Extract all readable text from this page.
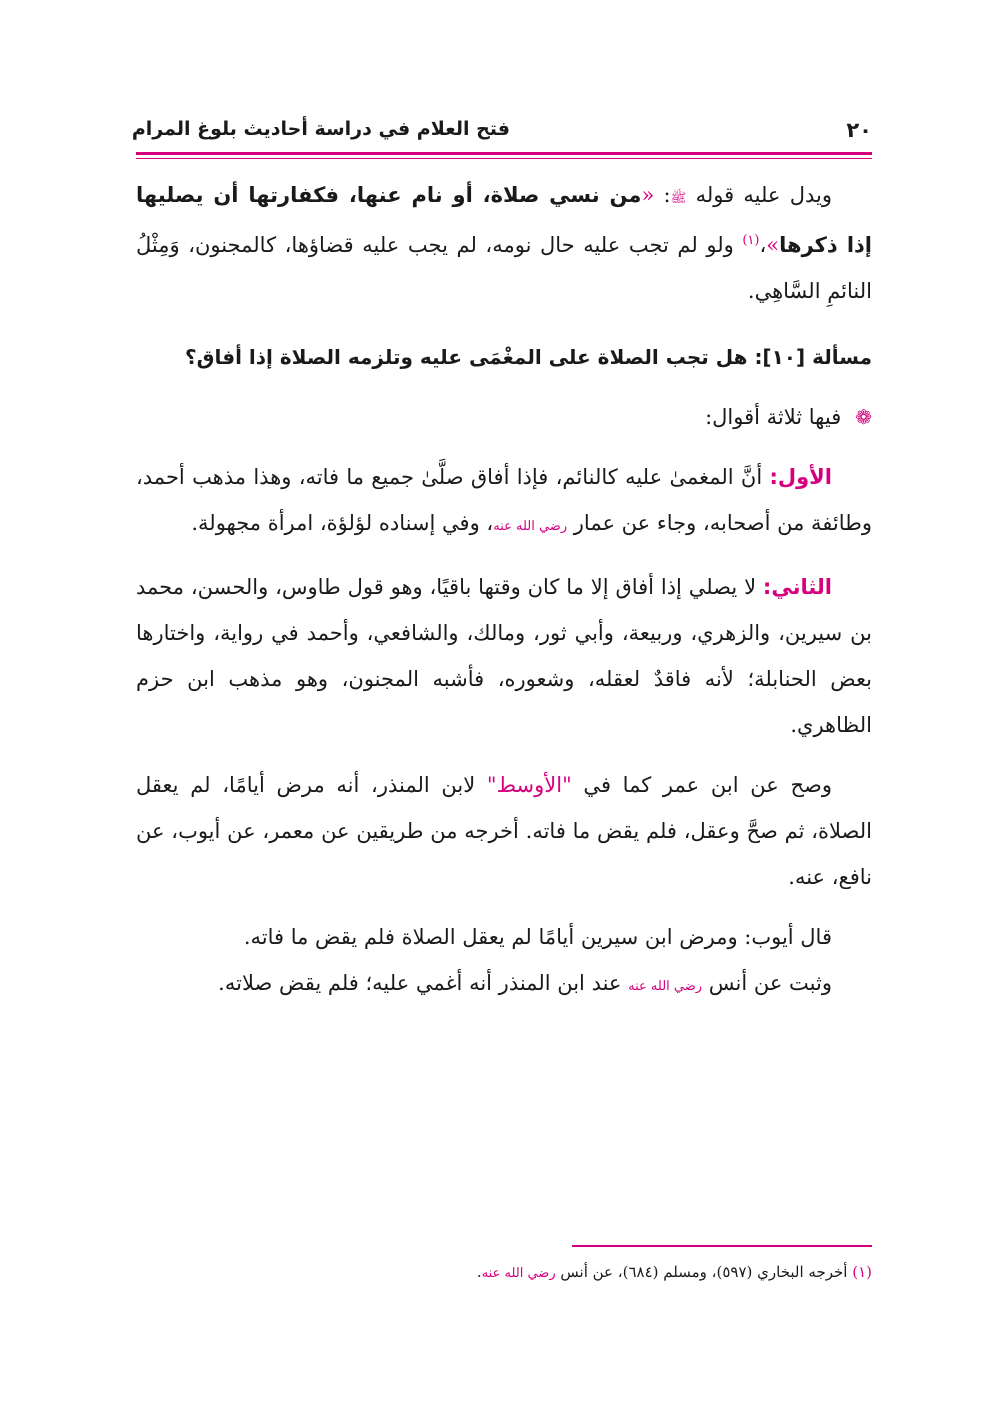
٢٠
فتح العلام في دراسة أحاديث بلوغ المرام

ويدل عليه قوله ﷺ: «من نسي صلاة، أو نام عنها، فكفارتها أن يصليها إذا ذكرها»،$^{(١)}$ ولو لم تجب عليه حال نومه، لم يجب عليه قضاؤها، كالمجنون، وَمِثْلُ النائمِ السَّاهِي.

مسألة [١٠]: هل تجب الصلاة على المغْمَى عليه وتلزمه الصلاة إذا أفاق؟

❁فيها ثلاثة أقوال:

الأول: أنَّ المغمىٰ عليه كالنائم، فإذا أفاق صلَّىٰ جميع ما فاته، وهذا مذهب أحمد، وطائفة من أصحابه، وجاء عن عمار رضي الله عنه، وفي إسناده لؤلؤة، امرأة مجهولة.

الثاني: لا يصلي إذا أفاق إلا ما كان وقتها باقيًا، وهو قول طاوس، والحسن، محمد بن سيرين، والزهري، وربيعة، وأبي ثور، ومالك، والشافعي، وأحمد في رواية، واختارها بعض الحنابلة؛ لأنه فاقدٌ لعقله، وشعوره، فأشبه المجنون، وهو مذهب ابن حزم الظاهري.

وصح عن ابن عمر كما في "الأوسط" لابن المنذر، أنه مرض أيامًا، لم يعقل الصلاة، ثم صحَّ وعقل، فلم يقض ما فاته. أخرجه من طريقين عن معمر، عن أيوب، عن نافع، عنه.

قال أيوب: ومرض ابن سيرين أيامًا لم يعقل الصلاة فلم يقض ما فاته.

وثبت عن أنس رضي الله عنه عند ابن المنذر أنه أغمي عليه؛ فلم يقض صلاته.

(١) أخرجه البخاري (٥٩٧)، ومسلم (٦٨٤)، عن أنس رضي الله عنه.
